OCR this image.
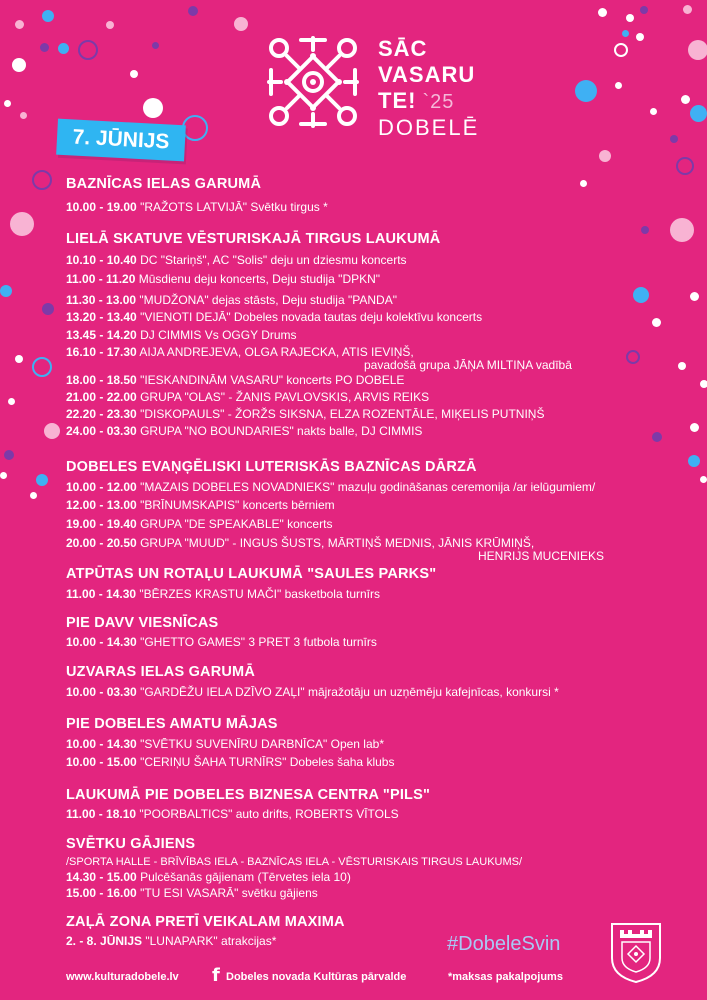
SĀC
VASARU
TE! `25
DOBELĒ
7. JŪNIJS
BAZNĪCAS IELAS GARUMĀ
10.00 - 19.00 "RAŽOTS LATVIJĀ" Svētku tirgus *
LIELĀ SKATUVE VĒSTURISKAJĀ TIRGUS LAUKUMĀ
10.10 - 10.40 DC "Stariņš", AC "Solis" deju un dziesmu koncerts
11.00 - 11.20 Mūsdienu deju koncerts, Deju studija "DPKN"
11.30 - 13.00 "MUDŽONA" dejas stāsts, Deju studija "PANDA"
13.20 - 13.40 "VIENOTI DEJĀ" Dobeles novada tautas deju kolektīvu koncerts
13.45 - 14.20 DJ CIMMIS Vs OGGY Drums
16.10 - 17.30 AIJA ANDREJEVA, OLGA RAJECKA, ATIS IEVIŅŠ,
pavadošā grupa JĀŅA MILTIŅA vadībā
18.00 - 18.50 "IESKANDINĀM VASARU" koncerts PO DOBELE
21.00 - 22.00 GRUPA "OLAS" - ŽANIS PAVLOVSKIS, ARVIS REIKS
22.20 - 23.30 "DISKOPAULS" - ŽORŽS SIKSNA, ELZA ROZENTĀLE, MIĶELIS PUTNIŅŠ
24.00 - 03.30 GRUPA "NO BOUNDARIES" nakts balle, DJ CIMMIS
DOBELES EVAŅĢĒLISKI LUTERISKĀS BAZNĪCAS DĀRZĀ
10.00 - 12.00 "MAZAIS DOBELES NOVADNIEKS" mazuļu godināšanas ceremonija /ar ielūgumiem/
12.00 - 13.00 "BRĪNUMSKAPIS" koncerts bērniem
19.00 - 19.40 GRUPA "DE SPEAKABLE" koncerts
20.00 - 20.50 GRUPA "MUUD" - INGUS ŠUSTS, MĀRTIŅŠ MEDNIS, JĀNIS KRŪMIŅŠ,
HENRIJS MUCENIEKS
ATPŪTAS UN ROTAĻU LAUKUMĀ "SAULES PARKS"
11.00 - 14.30 "BĒRZES KRASTU MAČI" basketbola turnīrs
PIE DAVV VIESNĪCAS
10.00 - 14.30 "GHETTO GAMES" 3 PRET 3 futbola turnīrs
UZVARAS IELAS GARUMĀ
10.00 - 03.30 "GARDĒŽU IELA DZĪVO ZAĻI" mājražotāju un uzņēmēju kafejnīcas, konkursi *
PIE DOBELES AMATU MĀJAS
10.00 - 14.30 "SVĒTKU SUVENĪRU DARBNĪCA" Open lab*
10.00 - 15.00 "CERIŅU ŠAHA TURNĪRS" Dobeles šaha klubs
LAUKUMĀ PIE DOBELES BIZNESA CENTRA "PILS"
11.00 - 18.10 "POORBALTICS" auto drifts, ROBERTS VĪTOLS
SVĒTKU GĀJIENS
/SPORTA HALLE - BRĪVĪBAS IELA - BAZNĪCAS IELA - VĒSTURISKAIS TIRGUS LAUKUMS/
14.30 - 15.00 Pulcēšanās gājienam (Tērvetes iela 10)
15.00 - 16.00 "TU ESI VASARĀ" svētku gājiens
ZAĻĀ ZONA PRETĪ VEIKALAM MAXIMA
2. - 8. JŪNIJS "LUNAPARK" atrakcijas*	#DobeleSvin
www.kulturadobele.lv f Dobeles novada Kultūras pārvalde	*maksas pakalpojums
